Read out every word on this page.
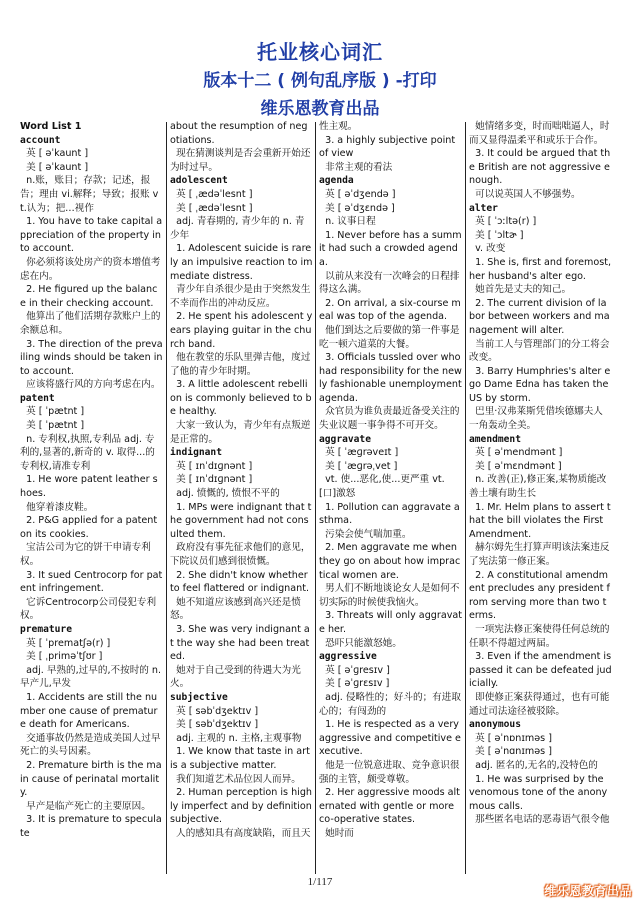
托业核心词汇
版本十二 ( 例句乱序版 ) -打印
维乐恩教育出品
Word List 1
account
英 [ əˈkaunt ]
美 [ əˈkaunt ]
n.账，账目；存款；记述，报告；理由 vi.解释；导致；报账 vt.认为；把…视作
1. You have to take capital appreciation of the property into account.
你必须将该处房产的资本增值考虑在内。
2. He figured up the balance in their checking account.
他算出了他们活期存款账户上的余额总和。
3. The direction of the prevailing winds should be taken into account.
应该将盛行风的方向考虑在内。
patent
英 [ ˈpætnt ]
美 [ ˈpætnt ]
n. 专利权,执照,专利品 adj. 专利的,显著的,新奇的 v. 取得...的专利权,请准专利
1. He wore patent leather shoes.
他穿着漆皮鞋。
2. P&G applied for a patent on its cookies.
宝洁公司为它的饼干申请专利权。
3. It sued Centrocorp for patent infringement.
它诉Centrocorp公司侵犯专利权。
premature
英 [ ˈprematʃə(r) ]
美 [ ˌpriməˈtʃʊr ]
adj. 早熟的,过早的,不按时的 n. 早产儿,早发
1. Accidents are still the number one cause of premature death for Americans.
交通事故仍然是造成美国人过早死亡的头号因素。
2. Premature birth is the main cause of perinatal mortality.
早产是临产死亡的主要原因。
3. It is premature to speculate
about the resumption of negotiations.
现在猜测谈判是否会重新开始还为时过早。
adolescent
英 [ ˌædəˈlesnt ]
美 [ ˌædəˈlesnt ]
adj. 青春期的, 青少年的 n. 青少年
1. Adolescent suicide is rarely an impulsive reaction to immediate distress.
青少年自杀很少是由于突然发生不幸而作出的冲动反应。
2. He spent his adolescent years playing guitar in the church band.
他在教堂的乐队里弹吉他，度过了他的青少年时期。
3. A little adolescent rebellion is commonly believed to be healthy.
大家一致认为，青少年有点叛逆是正常的。
indignant
英 [ ɪnˈdɪɡnənt ]
美 [ ɪnˈdɪɡnənt ]
adj. 愤慨的, 愤恨不平的
1. MPs were indignant that the government had not consulted them.
政府没有事先征求他们的意见，下院议员们感到很愤慨。
2. She didn't know whether to feel flattered or indignant.
她不知道应该感到高兴还是愤怒。
3. She was very indignant at the way she had been treated.
她对于自己受到的待遇大为光火。
subjective
英 [ səbˈdʒektɪv ]
美 [ səbˈdʒektɪv ]
adj. 主观的 n. 主格,主观事物
1. We know that taste in art is a subjective matter.
我们知道艺术品位因人而异。
2. Human perception is highly imperfect and by definition subjective.
人的感知具有高度缺陷，而且天
性主观。
3. a highly subjective point of view
非常主观的看法
agenda
英 [ əˈdʒendə ]
美 [ əˈdʒɛndə ]
n. 议事日程
1. Never before has a summit had such a crowded agenda.
以前从来没有一次峰会的日程排得这么满。
2. On arrival, a six-course meal was top of the agenda.
他们到达之后要做的第一件事是吃一顿六道菜的大餐。
3. Officials tussled over who had responsibility for the newly fashionable unemployment agenda.
众官员为谁负责最近备受关注的失业议题一事争得不可开交。
aggravate
英 [ ˈæɡrəveɪt ]
美 [ ˈæɡrəˌvet ]
vt. 使...恶化,使...更严重 vt. [口]激怒
1. Pollution can aggravate asthma.
污染会使气喘加重。
2. Men aggravate me when they go on about how impractical women are.
男人们不断地谈论女人是如何不切实际的时候使我恼火。
3. Threats will only aggravate her.
恐吓只能激怒她。
aggressive
英 [ əˈɡresɪv ]
美 [ əˈɡrɛsɪv ]
adj. 侵略性的；好斗的；有进取心的；有闯劲的
1. He is respected as a very aggressive and competitive executive.
他是一位锐意进取、竞争意识很强的主管，颇受尊敬。
2. Her aggressive moods alternated with gentle or more co-operative states.
她时而
她情绪多变，时而咄咄逼人，时而又显得温柔平和或乐于合作。
3. It could be argued that the British are not aggressive enough.
可以说英国人不够强势。
alter
英 [ ˈɔːltə(r) ]
美 [ ˈɔltɚ ]
v. 改变
1. She is, first and foremost, her husband's alter ego.
她首先是丈夫的知己。
2. The current division of labor between workers and management will alter.
当前工人与管理部门的分工将会改变。
3. Barry Humphries's alter ego Dame Edna has taken the US by storm.
巴里·汉弗莱斯凭借埃德娜夫人一角轰动全美。
amendment
英 [ əˈmendmənt ]
美 [ əˈmɛndmənt ]
n. 改善(正),修正案,某物质能改善土壤有助生长
1. Mr. Helm plans to assert that the bill violates the First Amendment.
赫尔姆先生打算声明该法案违反了宪法第一修正案。
2. A constitutional amendment precludes any president from serving more than two terms.
一项宪法修正案使得任何总统的任职不得超过两届。
3. Even if the amendment is passed it can be defeated judicially.
即使修正案获得通过，也有可能通过司法途径被驳除。
anonymous
英 [ əˈnɒnɪməs ]
美 [ əˈnɑnɪməs ]
adj. 匿名的,无名的,没特色的
1. He was surprised by the venomous tone of the anonymous calls.
那些匿名电话的恶毒语气很令他
1/117
维乐恩教育出品
